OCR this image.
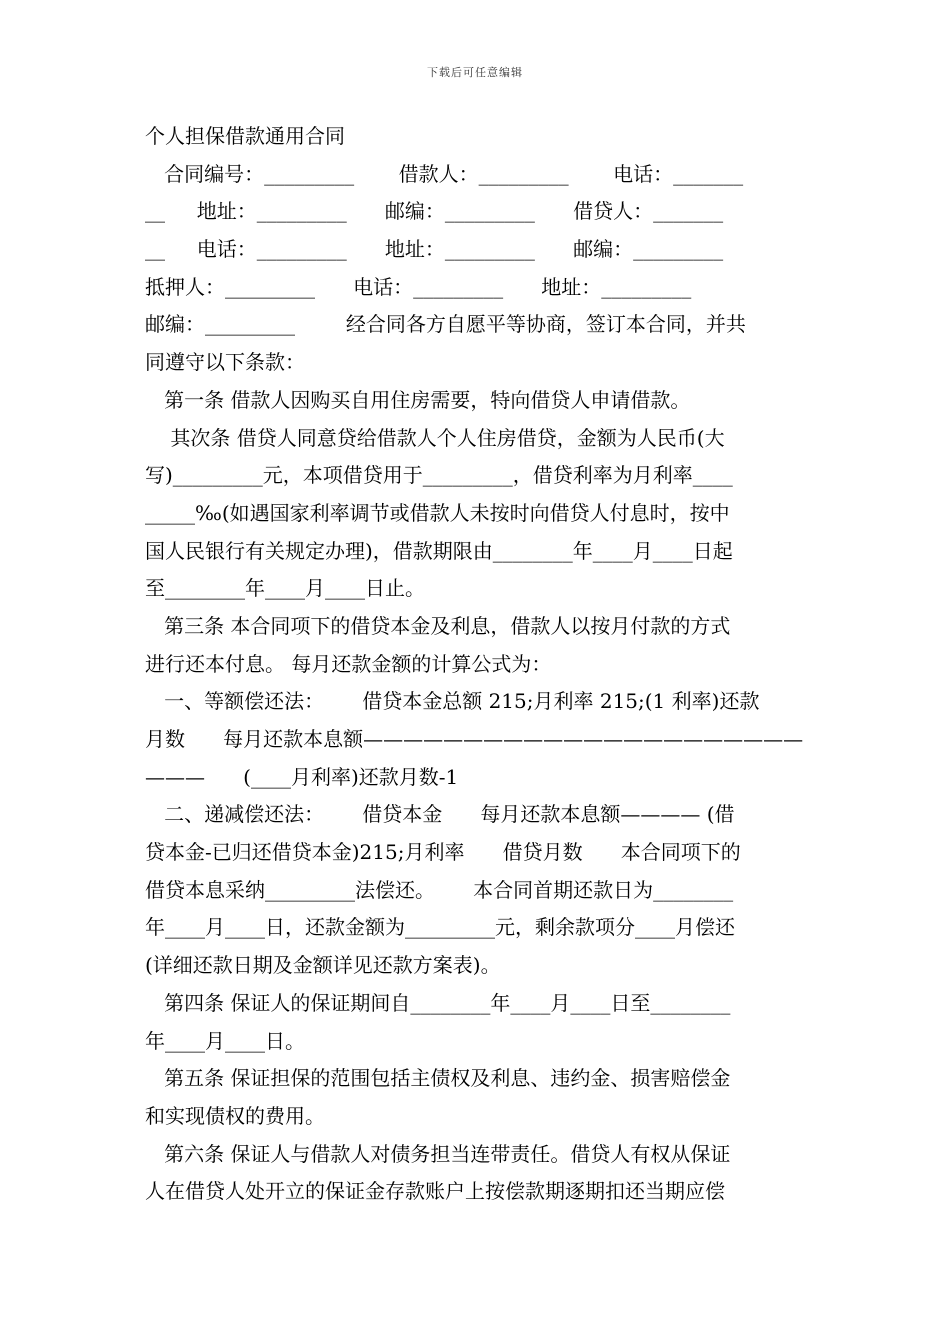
下载后可任意编辑
个人担保借款通用合同
合同编号：_________       借款人：_________       电话：_______
__     地址：_________      邮编：_________      借贷人：_______
__     电话：_________      地址：_________      邮编：_________
抵押人：_________      电话：_________      地址：_________
邮编：_________        经合同各方自愿平等协商，签订本合同，并共
同遵守以下条款：
第一条 借款人因购买自用住房需要，特向借贷人申请借款。
其次条 借贷人同意贷给借款人个人住房借贷，金额为人民币(大
写)_________元，本项借贷用于_________，借贷利率为月利率____
_____‰(如遇国家利率调节或借款人未按时向借贷人付息时，按中
国人民银行有关规定办理)，借款期限由________年____月____日起
至________年____月____日止。
第三条 本合同项下的借贷本金及利息，借款人以按月付款的方式
进行还本付息。 每月还款金额的计算公式为：
一、等额偿还法：      借贷本金总额 215;月利率 215;(1 利率)还款
月数      每月还款本息额——————————————————————
———      (____月利率)还款月数-1
二、递减偿还法：      借贷本金      每月还款本息额———— (借
贷本金-已归还借贷本金)215;月利率      借贷月数      本合同项下的
借贷本息采纳_________法偿还。      本合同首期还款日为________
年____月____日，还款金额为_________元，剩余款项分____月偿还
(详细还款日期及金额详见还款方案表)。
第四条 保证人的保证期间自________年____月____日至________
年____月____日。
第五条 保证担保的范围包括主债权及利息、违约金、损害赔偿金
和实现债权的费用。
第六条 保证人与借款人对债务担当连带责任。借贷人有权从保证
人在借贷人处开立的保证金存款账户上按偿款期逐期扣还当期应偿
